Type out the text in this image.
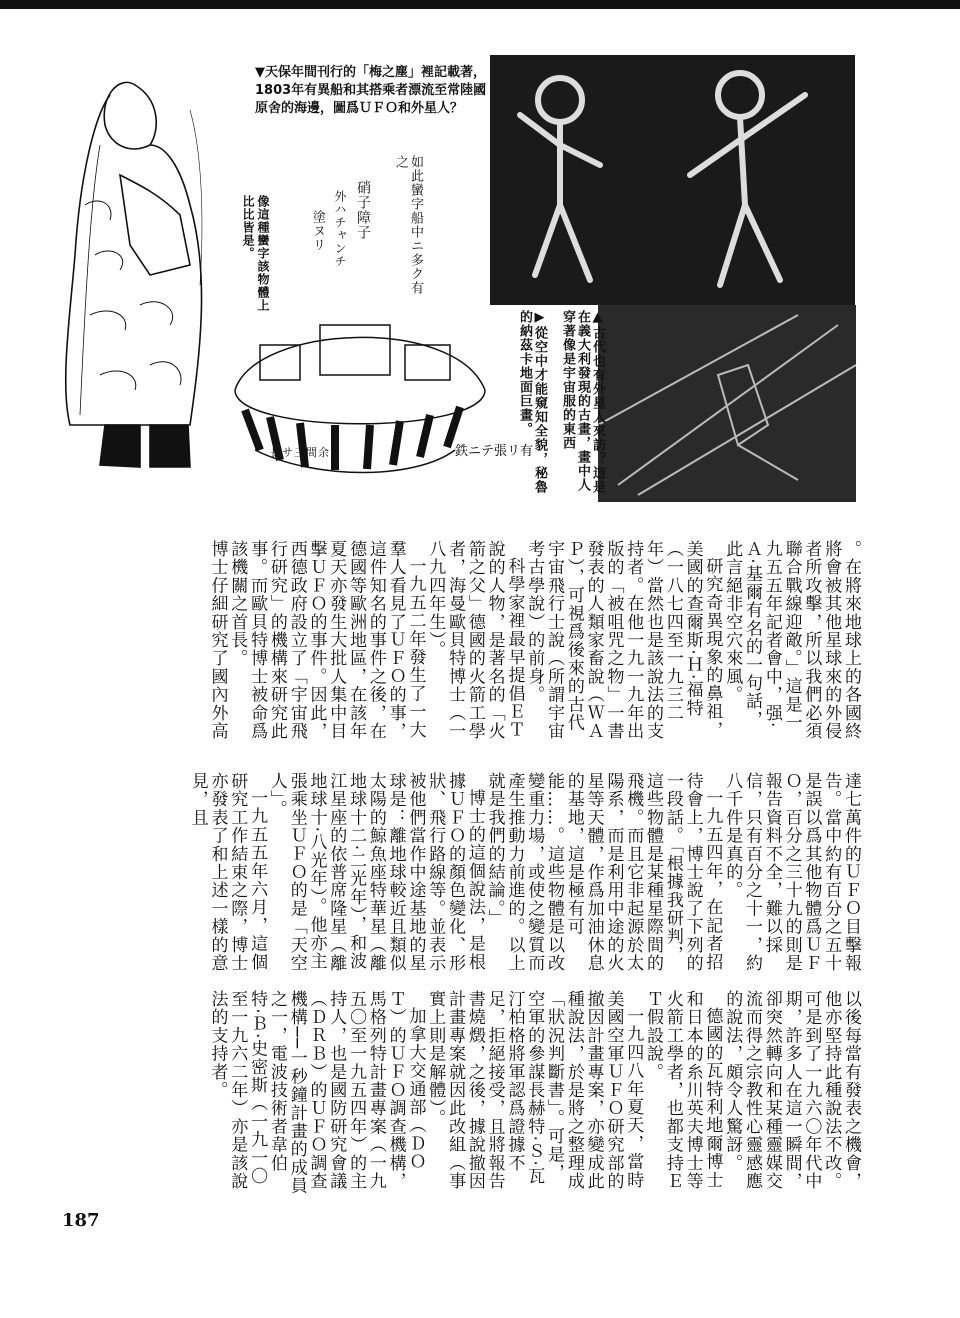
鉄ニテ張リ有
▼天保年間刊行的「梅之塵」裡記載著，1803年有異船和其搭乘者漂流至常陸國原舍的海邊，圖爲ＵＦＯ和外星人？
像這種蠻字該物體上比比皆是。
▲古代也有外星人來訪？這是在義大利發現的古畫，畫中人穿著像是宇宙服的東西
▶從空中才能窺知全貌，秘魯的納茲卡地面巨畫。

。在將來地球上的各國終將會被其他星球來的外侵者所攻擊，所以我們必須聯合戰線迎敵。」這是一九五五年記者會中，强‧Ａ‧基爾有名的一句話，此言絕非空穴來風。

研究奇異現象的鼻祖，美國的查爾斯‧Ｈ‧福特（一八七四至一九三二年）當然也是該說法的支持者。在他一九一九年出版的「被咀咒之物」一書發表的人類家畜說（ＷＡＰ），可視爲後來的古代宇宙飛行士說（所謂宇宙考古學說）的前身。

科學家裡最早提倡ＥＴ說的人物，是著名的「火箭之父」德國的火箭工學者，海曼歐貝特博士（一八九四年生）。

一九五二年發生了一大羣人看見了ＵＦＯ的事，這件知名的事件之後，在德國等歐洲地區，在該年夏天亦發生大批人集中目擊ＵＦＯ的事件。因此，西德政府設立了「宇宙飛行研究」的機構來研究此事。而歐貝特博士被命爲該機關之首長。

博士仔細研究了國內外高

達七萬件的ＵＦＯ目擊報告。當中約有百分之五十是誤以爲其他物體爲ＵＦＯ，百分之三十九的則是報告資料不全，難以採信，只有百分之十一，約八千件是真的。

一九五四年，在記者招待會上，博士說了下列的一段話。「根據我研判，這些物體是某種星際間的飛機。而且它非起源於太陽系，而是利用中途的火星等天體，作爲加油休息的基地，這是極有可能……。這些物體是以改變重力場，或使之變質而產生推動力前進的。以上就是我們的結論。」

博士的這個說法，是根據ＵＦＯ的顏色變化、形狀、飛行路線等。並表示被他們當作中途基地的星球是：離地球較近且類似太陽的鯨魚座特華星（離地球十二‧二光年），和波江星座的依普席隆星（離地球十‧八光年）。他亦主張乘坐ＵＦＯ的是「天空人」。

一九五五年六月，這個研究工作結束之際，博士亦發表了和上述一樣的意見，且

以後每當有發表之機會，他亦堅持此種說法不改。可是到了一九六〇年代中期，許多人在這一瞬間，卻突然轉向和某種靈媒交流而得之宗教性心靈感應的說法，頗令人驚訝。

德國的瓦特利地爾博士和日本的糸川英夫博士等火箭工學者，也都支持ＥＴ假設說。

一九四八年夏天，當時美國空軍ＵＦＯ研究部的撤因計畫專案，亦變成此種說法，於是將之整理成「狀況判斷書」。可是，空軍的參謀長赫特‧Ｓ‧瓦汀柏格將軍認爲證據不足，拒絕接受，且將報告書燒燬，之後，據說撤因計畫專案就因此改組（事實上則是解體）。

加拿大交通部（ＤＯＴ）的ＵＦＯ調查機構，馬格列特計畫專案（一九五〇至一九五四年）的主持人，也是國防研究會議（ＤＲＢ）的ＵＦＯ調查機構──一秒鐘計畫的成員之一，電波技術者韋伯特‧Ｂ‧史密斯（一九一〇至一九六二年）亦是該說法的支持者。

如此蠻字船中ニ多ク有之
硝子障子
外ハチャンチ
塗ヌリ
長サ三間余
187
